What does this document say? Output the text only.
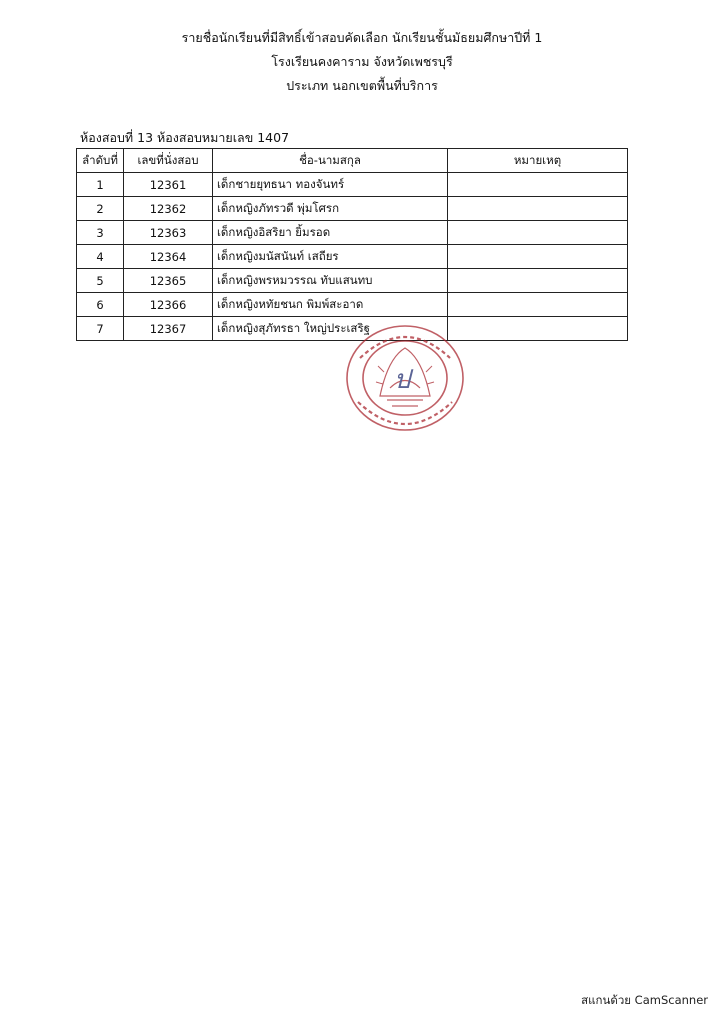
รายชื่อนักเรียนที่มีสิทธิ์เข้าสอบคัดเลือก นักเรียนชั้นมัธยมศึกษาปีที่ 1
โรงเรียนคงคาราม จังหวัดเพชรบุรี
ประเภท นอกเขตพื้นที่บริการ
ห้องสอบที่ 13 ห้องสอบหมายเลข 1407
ลำดับที่	เลขที่นั่งสอบ	ชื่อ-นามสกุล	หมายเหตุ
1	12361	เด็กชายยุทธนา ทองจันทร์	
2	12362	เด็กหญิงภัทรวดี พุ่มโศรก	
3	12363	เด็กหญิงอิสริยา ยิ้มรอด	
4	12364	เด็กหญิงมนัสนันท์ เสถียร	
5	12365	เด็กหญิงพรหมวรรณ ทับแสนทบ	
6	12366	เด็กหญิงหทัยชนก พิมพ์สะอาด	
7	12367	เด็กหญิงสุภัทรธา ใหญ่ประเสริฐ	
ป
สแกนด้วย CamScanner
